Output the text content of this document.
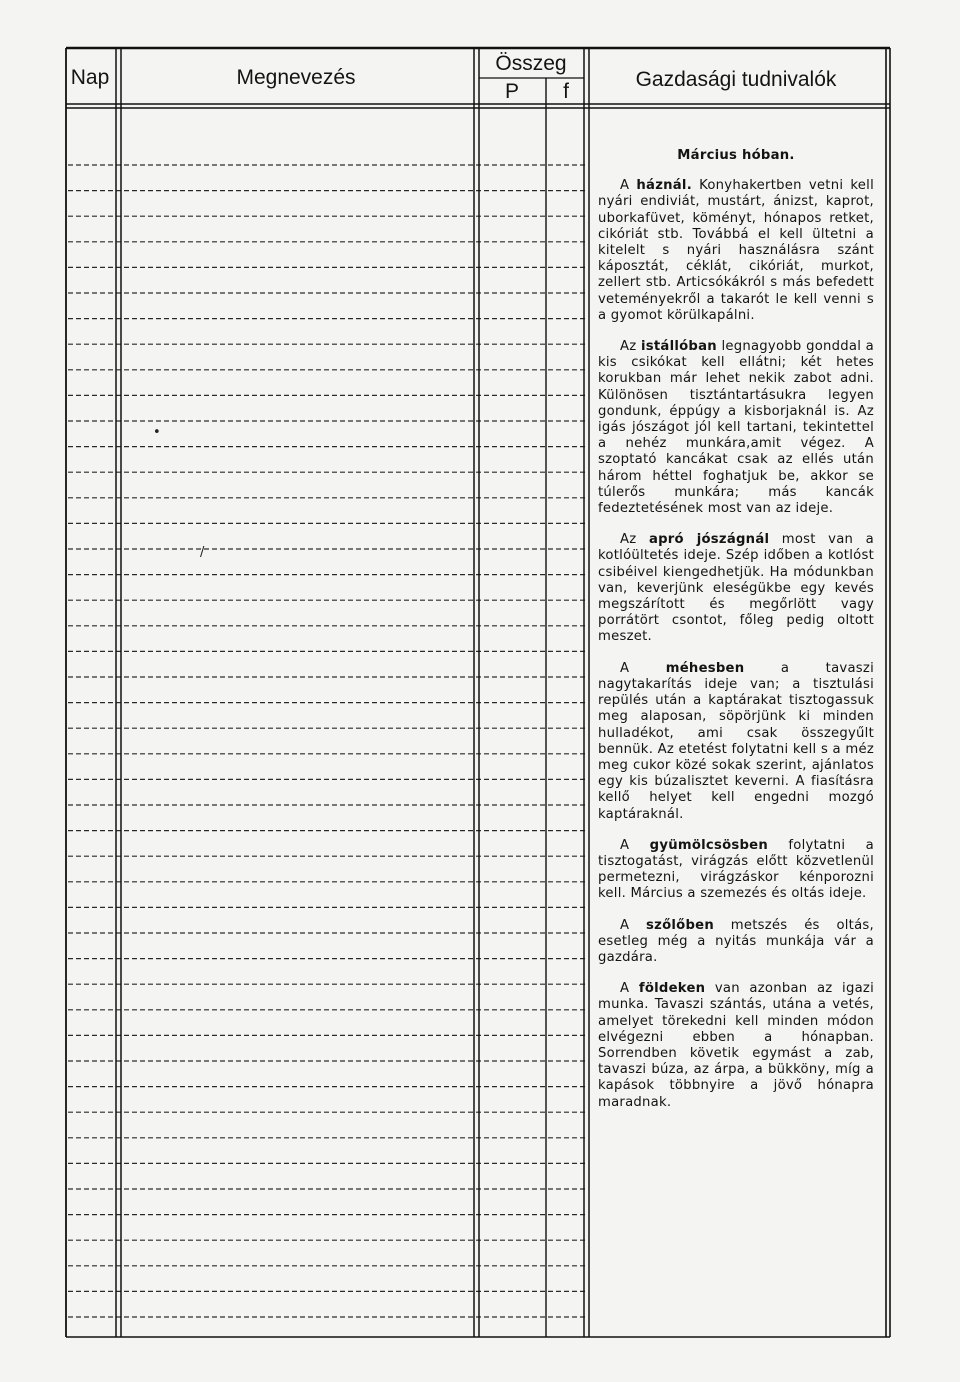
Nap	Megnevezés
Összeg
P f
Gazdasági tudnivalók
•
/
Március hóban.

A háznál. Konyhakertben vetni kell nyári endiviát, mustárt, ánizst, kaprot, uborkafüvet, köményt, hónapos retket, cikóriát stb. Továbbá el kell ültetni a kitelelt s nyári használásra szánt káposztát, céklát, cikóriát, murkot, zellert stb. Articsókákról s más befedett veteményekről a takarót le kell venni s a gyomot körülkapálni.

Az istállóban legnagyobb gonddal a kis csikókat kell ellátni; két hetes korukban már lehet nekik zabot adni. Különösen tisztántartásukra legyen gondunk, éppúgy a kisborjaknál is. Az igás jószágot jól kell tartani, tekintettel a nehéz munkára,amit végez. A szoptató kancákat csak az ellés után három héttel foghatjuk be, akkor se túlerős munkára; más kancák fedeztetésének most van az ideje.

Az apró jószágnál most van a kotlóültetés ideje. Szép időben a kotlóst csibéivel kiengedhetjük. Ha módunkban van, keverjünk eleségükbe egy kevés megszárított és megőrlött vagy porrátört csontot, főleg pedig oltott meszet.

A méhesben a tavaszi nagytakarítás ideje van; a tisztulási repülés után a kaptárakat tisztogassuk meg alaposan, söpörjünk ki minden hulladékot, ami csak összegyűlt bennük. Az etetést folytatni kell s a méz meg cukor közé sokak szerint, ajánlatos egy kis búzalisztet keverni. A fiasításra kellő helyet kell engedni mozgó kaptáraknál.

A gyümölcsösben folytatni a tisztogatást, virágzás előtt közvetlenül permetezni, virágzáskor kénporozni kell. Március a szemezés és oltás ideje.

A szőlőben metszés és oltás, esetleg még a nyitás munkája vár a gazdára.

A földeken van azonban az igazi munka. Tavaszi szántás, utána a vetés, amelyet törekedni kell minden módon elvégezni ebben a hónapban. Sorrendben követik egymást a zab, tavaszi búza, az árpa, a bükköny, míg a kapások többnyire a jövő hónapra maradnak.
